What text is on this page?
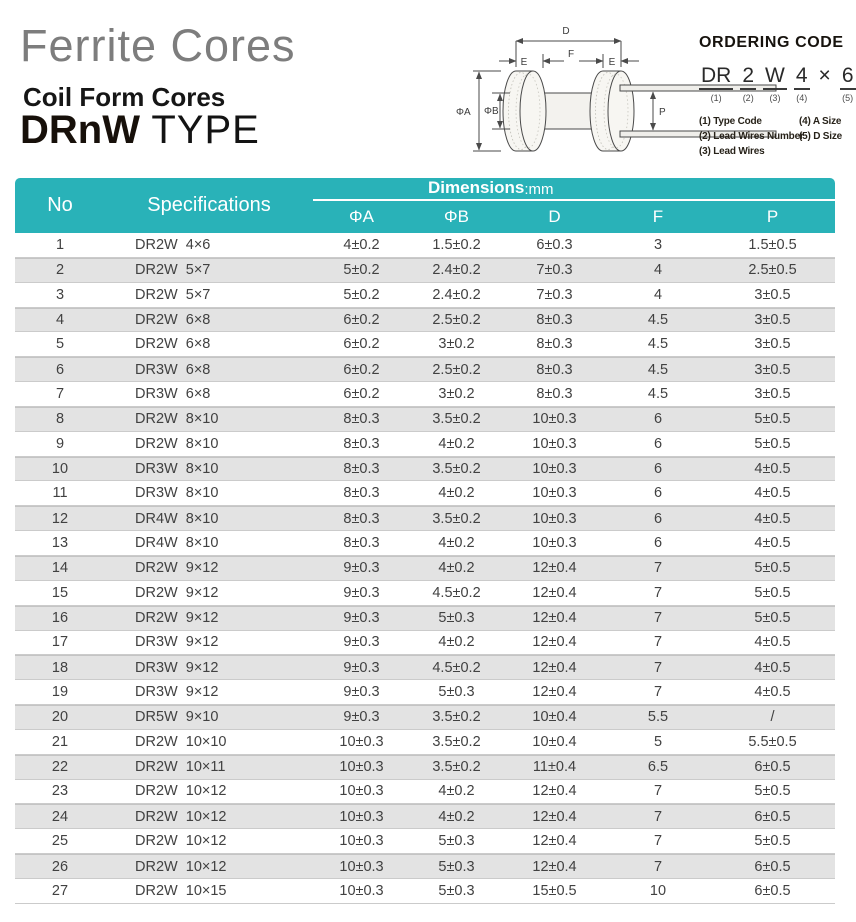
Ferrite Cores
Coil Form Cores
DRnW TYPE
D
E
F
E
ΦA ΦB	P
ORDERING CODE
DR
(1)
2
(2)
W
(3)
4
(4)
× 6
(5)
(1) Type Code
(2) Lead Wires Number
(3) Lead Wires
(4) A Size
(5) D Size
No	Specifications
Dimensions :mm
ΦA	ΦB	D	F	P
1	DR2W  4×6	4±0.2	1.5±0.2	6±0.3	3	1.5±0.5
2	DR2W  5×7	5±0.2	2.4±0.2	7±0.3	4	2.5±0.5
3	DR2W  5×7	5±0.2	2.4±0.2	7±0.3	4	3±0.5
4	DR2W  6×8	6±0.2	2.5±0.2	8±0.3	4.5	3±0.5
5	DR2W  6×8	6±0.2	3±0.2	8±0.3	4.5	3±0.5
6	DR3W  6×8	6±0.2	2.5±0.2	8±0.3	4.5	3±0.5
7	DR3W  6×8	6±0.2	3±0.2	8±0.3	4.5	3±0.5
8	DR2W  8×10	8±0.3	3.5±0.2	10±0.3	6	5±0.5
9	DR2W  8×10	8±0.3	4±0.2	10±0.3	6	5±0.5
10	DR3W  8×10	8±0.3	3.5±0.2	10±0.3	6	4±0.5
11	DR3W  8×10	8±0.3	4±0.2	10±0.3	6	4±0.5
12	DR4W  8×10	8±0.3	3.5±0.2	10±0.3	6	4±0.5
13	DR4W  8×10	8±0.3	4±0.2	10±0.3	6	4±0.5
14	DR2W  9×12	9±0.3	4±0.2	12±0.4	7	5±0.5
15	DR2W  9×12	9±0.3	4.5±0.2	12±0.4	7	5±0.5
16	DR2W  9×12	9±0.3	5±0.3	12±0.4	7	5±0.5
17	DR3W  9×12	9±0.3	4±0.2	12±0.4	7	4±0.5
18	DR3W  9×12	9±0.3	4.5±0.2	12±0.4	7	4±0.5
19	DR3W  9×12	9±0.3	5±0.3	12±0.4	7	4±0.5
20	DR5W  9×10	9±0.3	3.5±0.2	10±0.4	5.5	/
21	DR2W  10×10	10±0.3	3.5±0.2	10±0.4	5	5.5±0.5
22	DR2W  10×11	10±0.3	3.5±0.2	11±0.4	6.5	6±0.5
23	DR2W  10×12	10±0.3	4±0.2	12±0.4	7	5±0.5
24	DR2W  10×12	10±0.3	4±0.2	12±0.4	7	6±0.5
25	DR2W  10×12	10±0.3	5±0.3	12±0.4	7	5±0.5
26	DR2W  10×12	10±0.3	5±0.3	12±0.4	7	6±0.5
27	DR2W  10×15	10±0.3	5±0.3	15±0.5	10	6±0.5
